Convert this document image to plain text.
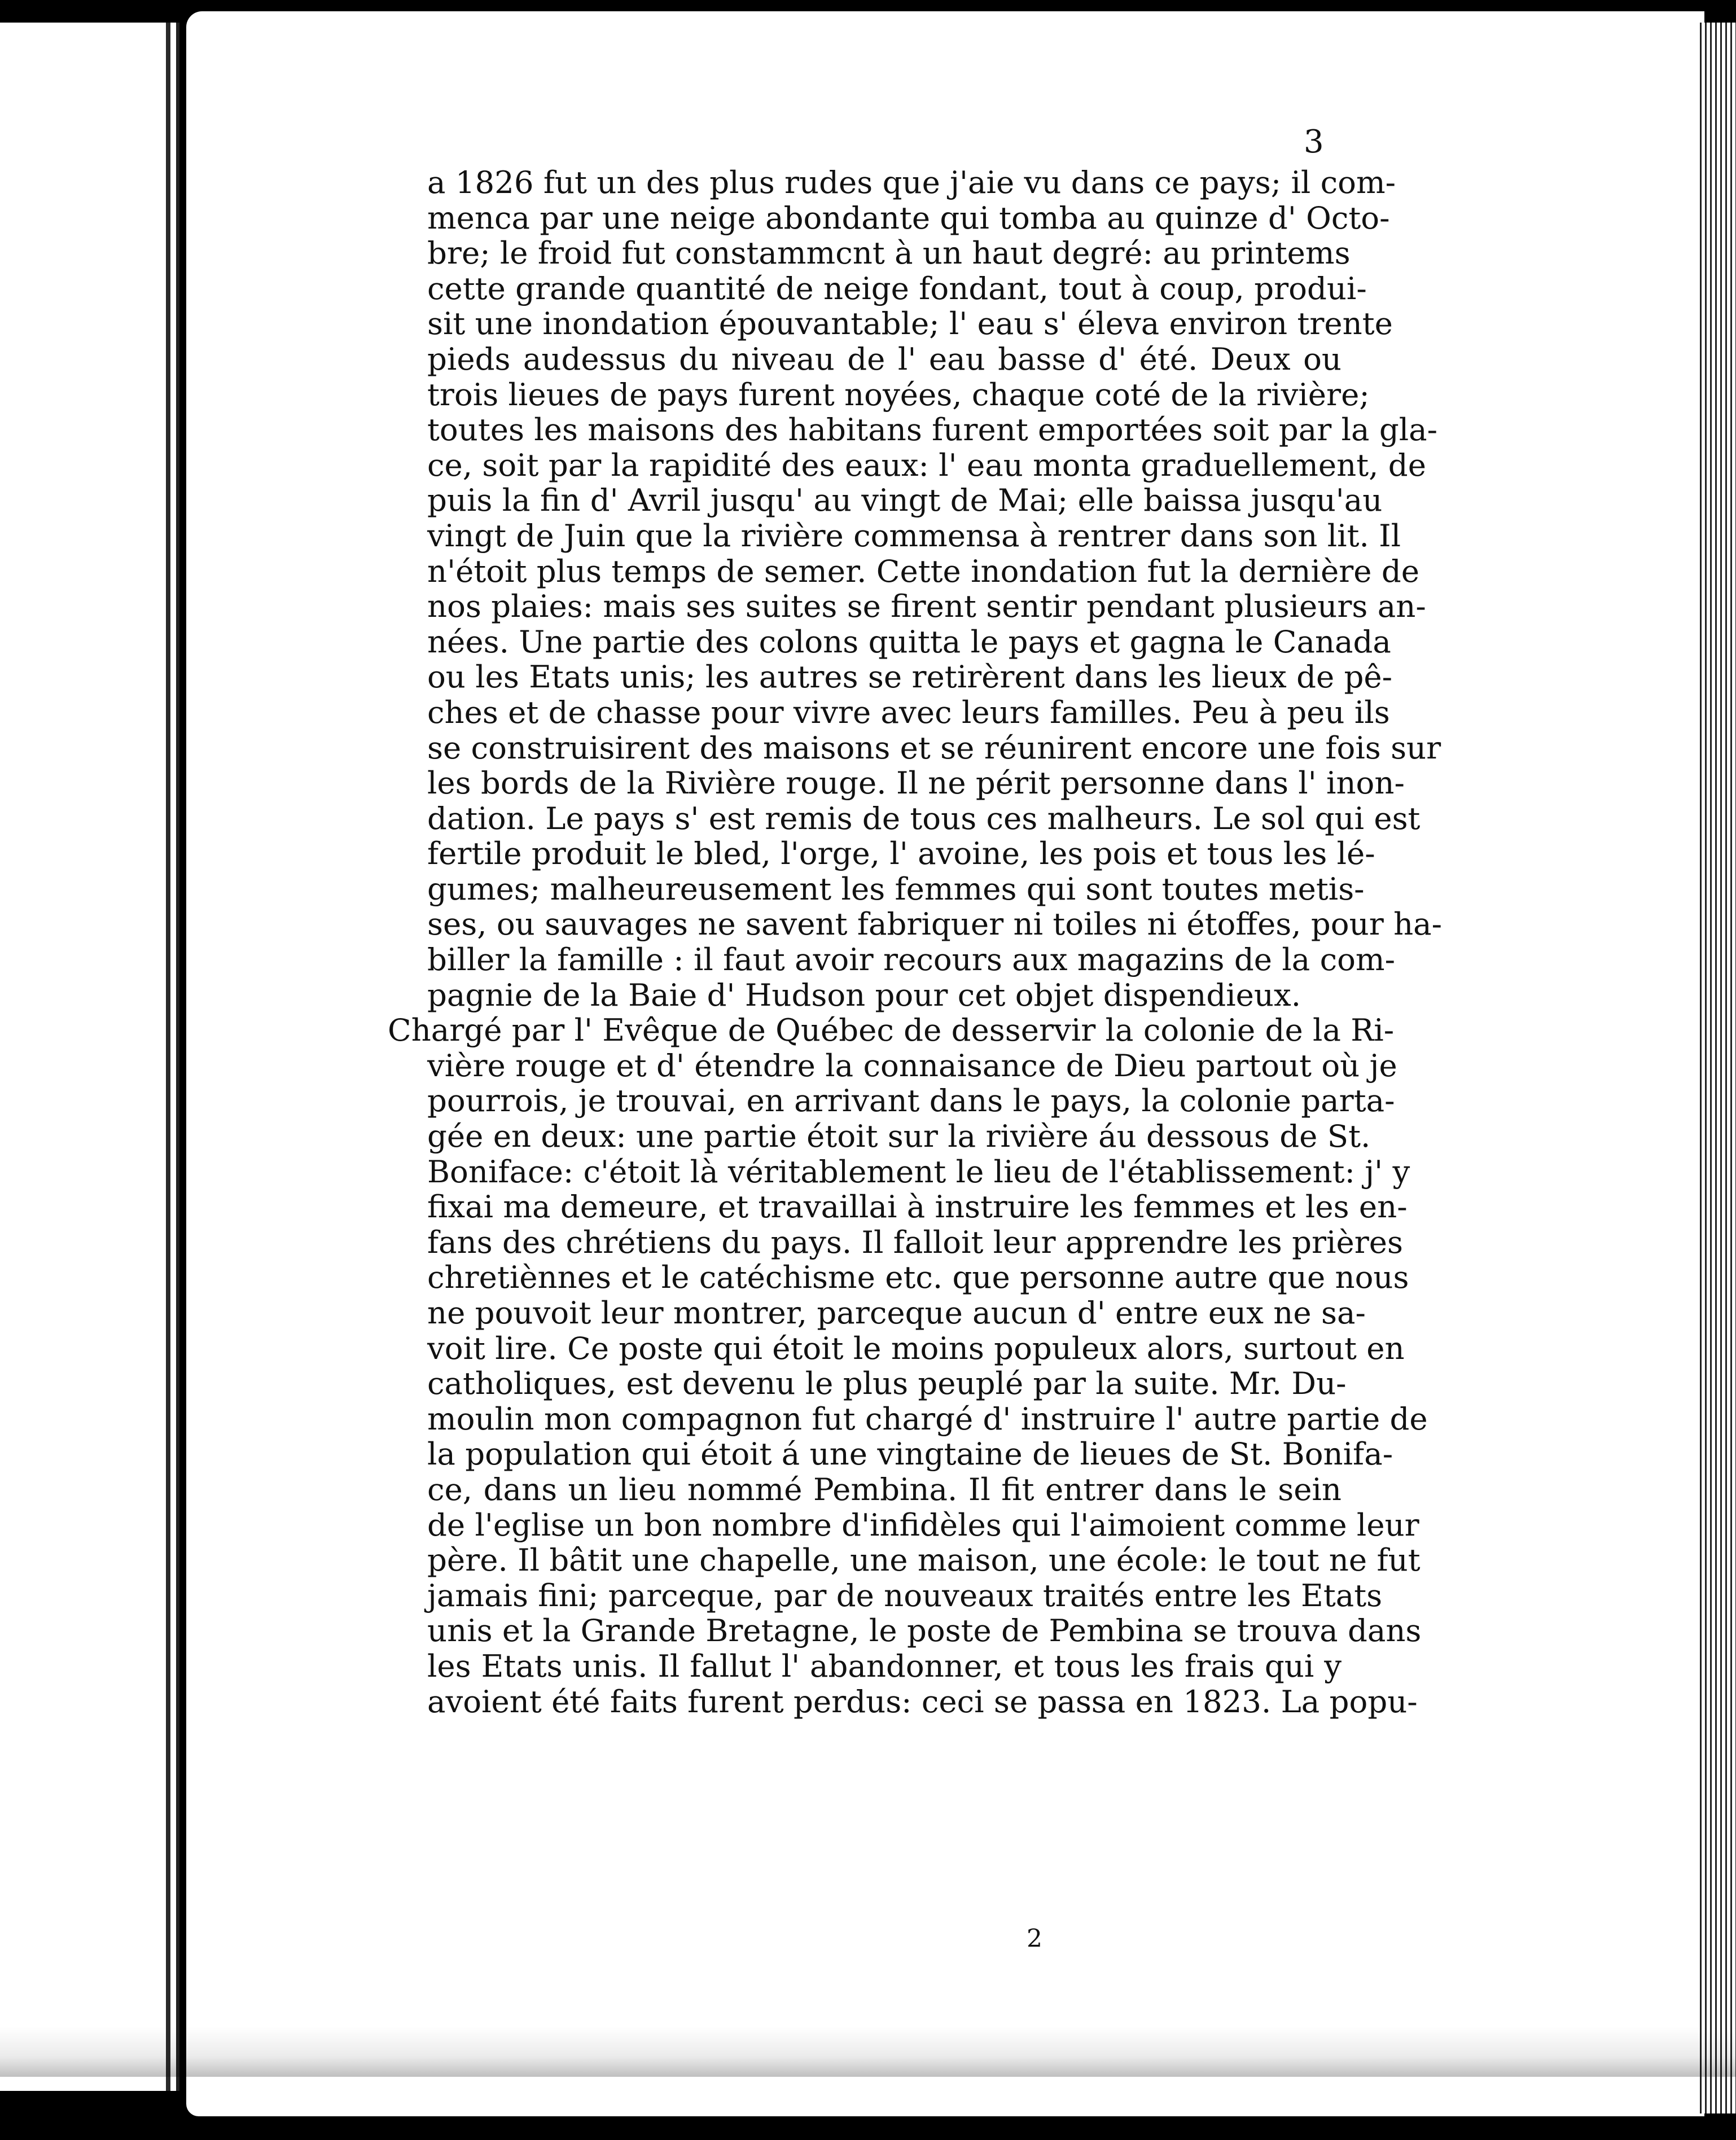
3
a 1826 fut un des plus rudes que j'aie vu dans ce pays; il com-
menca par une neige abondante qui tomba au quinze d' Octo-
bre; le froid fut constammcnt à un haut degré: au printems
cette grande quantité de neige fondant, tout à coup, produi-
sit une inondation épouvantable; l' eau s' éleva environ trente
pieds audessus du niveau de l' eau basse d' été. Deux ou
trois lieues de pays furent noyées, chaque coté de la rivière;
toutes les maisons des habitans furent emportées soit par la gla-
ce, soit par la rapidité des eaux: l' eau monta graduellement, de
puis la fin d' Avril jusqu' au vingt de Mai; elle baissa jusqu'au
vingt de Juin que la rivière commensa à rentrer dans son lit. Il
n'étoit plus temps de semer. Cette inondation fut la dernière de
nos plaies: mais ses suites se firent sentir pendant plusieurs an-
nées. Une partie des colons quitta le pays et gagna le Canada
ou les Etats unis; les autres se retirèrent dans les lieux de pê-
ches et de chasse pour vivre avec leurs familles. Peu à peu ils
se construisirent des maisons et se réunirent encore une fois sur
les bords de la Rivière rouge. Il ne périt personne dans l' inon-
dation. Le pays s' est remis de tous ces malheurs. Le sol qui est
fertile produit le bled, l'orge, l' avoine, les pois et tous les lé-
gumes; malheureusement les femmes qui sont toutes metis-
ses, ou sauvages ne savent fabriquer ni toiles ni étoffes, pour ha-
biller la famille : il faut avoir recours aux magazins de la com-
pagnie de la Baie d' Hudson pour cet objet dispendieux.
Chargé par l' Evêque de Québec de desservir la colonie de la Ri-
vière rouge et d' étendre la connaisance de Dieu partout où je
pourrois, je trouvai, en arrivant dans le pays, la colonie parta-
gée en deux: une partie étoit sur la rivière áu dessous de St.
Boniface: c'étoit là véritablement le lieu de l'établissement: j' y
fixai ma demeure, et travaillai à instruire les femmes et les en-
fans des chrétiens du pays. Il falloit leur apprendre les prières
chretiènnes et le catéchisme etc. que personne autre que nous
ne pouvoit leur montrer, parceque aucun d' entre eux ne sa-
voit lire. Ce poste qui étoit le moins populeux alors, surtout en
catholiques, est devenu le plus peuplé par la suite. Mr. Du-
moulin mon compagnon fut chargé d' instruire l' autre partie de
la population qui étoit á une vingtaine de lieues de St. Bonifa-
ce, dans un lieu nommé Pembina. Il fit entrer dans le sein
de l'eglise un bon nombre d'infidèles qui l'aimoient comme leur
père. Il bâtit une chapelle, une maison, une école: le tout ne fut
jamais fini; parceque, par de nouveaux traités entre les Etats
unis et la Grande Bretagne, le poste de Pembina se trouva dans
les Etats unis. Il fallut l' abandonner, et tous les frais qui y
avoient été faits furent perdus: ceci se passa en 1823. La popu-
2
